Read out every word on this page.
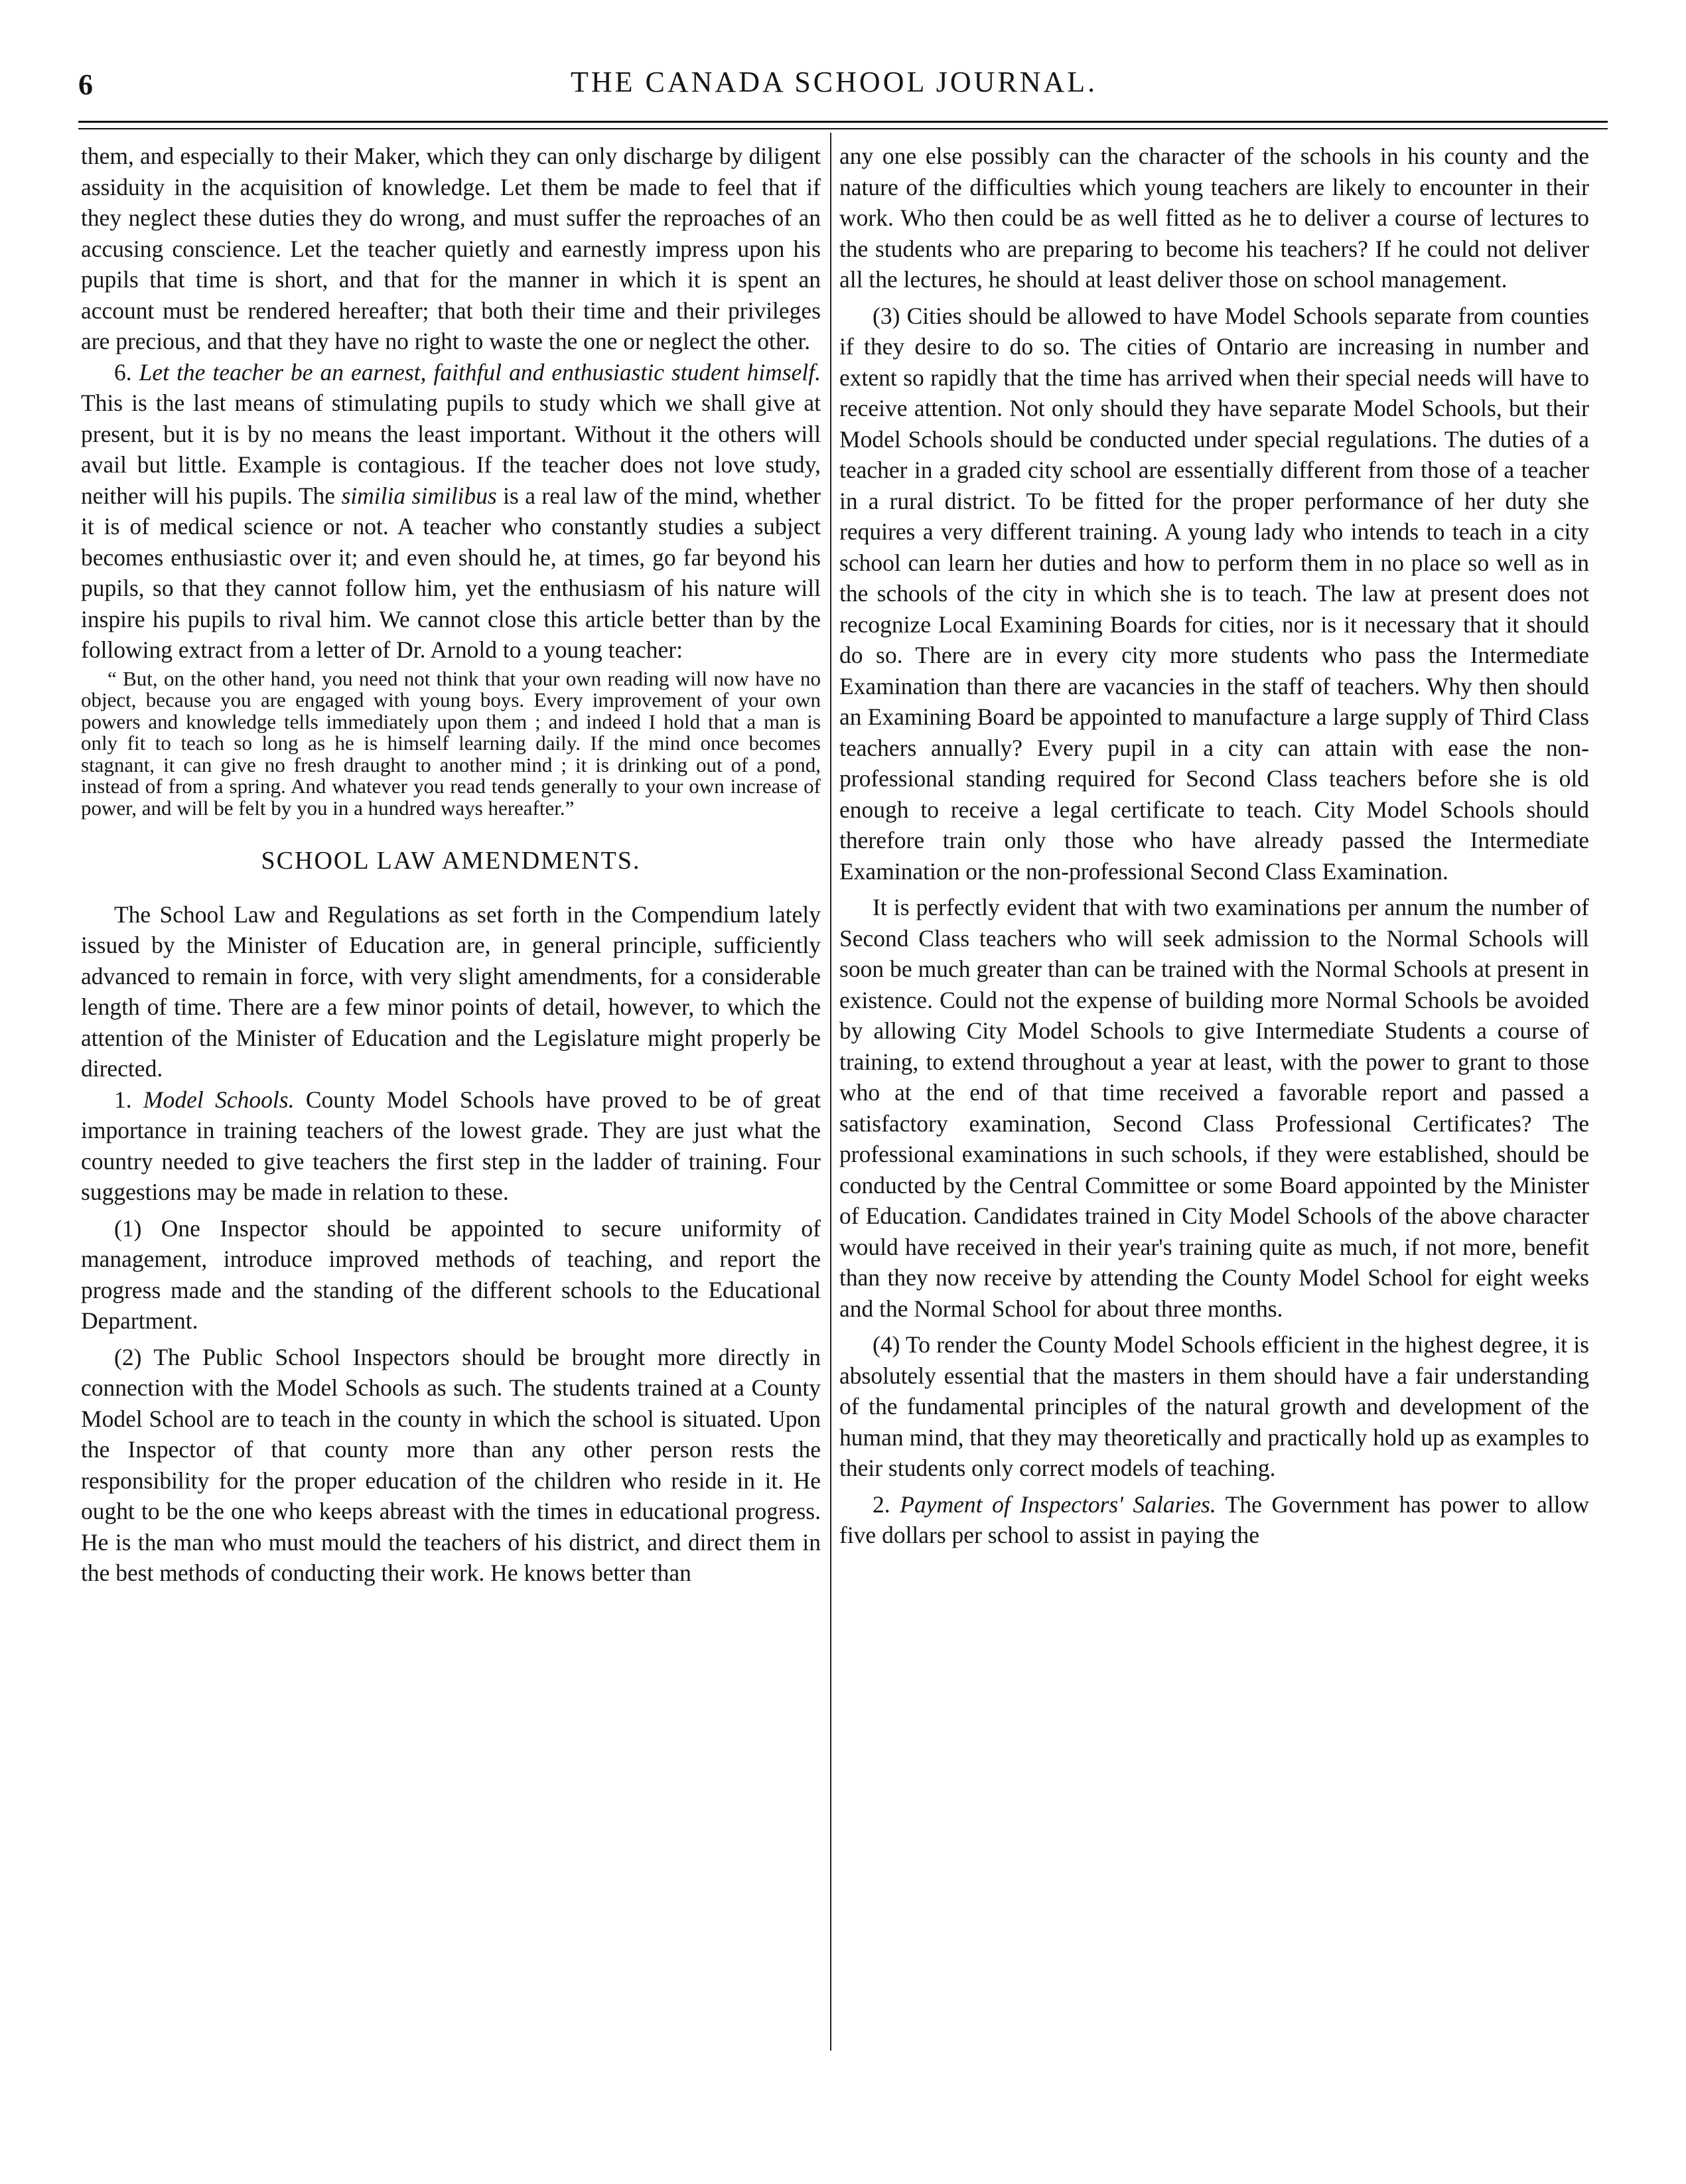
6	THE CANADA SCHOOL JOURNAL.

them, and especially to their Maker, which they can only discharge by diligent assiduity in the acquisition of knowledge. Let them be made to feel that if they neglect these duties they do wrong, and must suffer the reproaches of an accusing conscience. Let the teacher quietly and earnestly impress upon his pupils that time is short, and that for the manner in which it is spent an account must be rendered hereafter; that both their time and their privileges are precious, and that they have no right to waste the one or neglect the other.

6. Let the teacher be an earnest, faithful and enthusiastic student himself. This is the last means of stimulating pupils to study which we shall give at present, but it is by no means the least important. Without it the others will avail but little. Example is contagious. If the teacher does not love study, neither will his pupils. The similia similibus is a real law of the mind, whether it is of medical science or not. A teacher who constantly studies a subject becomes enthusiastic over it; and even should he, at times, go far beyond his pupils, so that they cannot follow him, yet the enthusiasm of his nature will inspire his pupils to rival him. We cannot close this article better than by the following extract from a letter of Dr. Arnold to a young teacher:

“ But, on the other hand, you need not think that your own reading will now have no object, because you are engaged with young boys. Every improvement of your own powers and knowledge tells immediately upon them ; and indeed I hold that a man is only fit to teach so long as he is himself learning daily. If the mind once becomes stagnant, it can give no fresh draught to another mind ; it is drinking out of a pond, instead of from a spring. And whatever you read tends generally to your own increase of power, and will be felt by you in a hundred ways hereafter.”

SCHOOL LAW AMENDMENTS.

The School Law and Regulations as set forth in the Compendium lately issued by the Minister of Education are, in general principle, sufficiently advanced to remain in force, with very slight amendments, for a considerable length of time. There are a few minor points of detail, however, to which the attention of the Minister of Education and the Legislature might properly be directed.

1. Model Schools. County Model Schools have proved to be of great importance in training teachers of the lowest grade. They are just what the country needed to give teachers the first step in the ladder of training. Four suggestions may be made in relation to these.

(1) One Inspector should be appointed to secure uniformity of management, introduce improved methods of teaching, and report the progress made and the standing of the different schools to the Educational Department.

(2) The Public School Inspectors should be brought more directly in connection with the Model Schools as such. The students trained at a County Model School are to teach in the county in which the school is situated. Upon the Inspector of that county more than any other person rests the responsibility for the proper education of the children who reside in it. He ought to be the one who keeps abreast with the times in educational progress. He is the man who must mould the teachers of his district, and direct them in the best methods of conducting their work. He knows better than

any one else possibly can the character of the schools in his county and the nature of the difficulties which young teachers are likely to encounter in their work. Who then could be as well fitted as he to deliver a course of lectures to the students who are preparing to become his teachers? If he could not deliver all the lectures, he should at least deliver those on school management.

(3) Cities should be allowed to have Model Schools separate from counties if they desire to do so. The cities of Ontario are increasing in number and extent so rapidly that the time has arrived when their special needs will have to receive attention. Not only should they have separate Model Schools, but their Model Schools should be conducted under special regulations. The duties of a teacher in a graded city school are essentially different from those of a teacher in a rural district. To be fitted for the proper performance of her duty she requires a very different training. A young lady who intends to teach in a city school can learn her duties and how to perform them in no place so well as in the schools of the city in which she is to teach. The law at present does not recognize Local Examining Boards for cities, nor is it necessary that it should do so. There are in every city more students who pass the Intermediate Examination than there are vacancies in the staff of teachers. Why then should an Examining Board be appointed to manufacture a large supply of Third Class teachers annually? Every pupil in a city can attain with ease the non-professional standing required for Second Class teachers before she is old enough to receive a legal certificate to teach. City Model Schools should therefore train only those who have already passed the Intermediate Examination or the non-professional Second Class Examination.

It is perfectly evident that with two examinations per annum the number of Second Class teachers who will seek admission to the Normal Schools will soon be much greater than can be trained with the Normal Schools at present in existence. Could not the expense of building more Normal Schools be avoided by allowing City Model Schools to give Intermediate Students a course of training, to extend throughout a year at least, with the power to grant to those who at the end of that time received a favorable report and passed a satisfactory examination, Second Class Professional Certificates? The professional examinations in such schools, if they were established, should be conducted by the Central Committee or some Board appointed by the Minister of Education. Candidates trained in City Model Schools of the above character would have received in their year's training quite as much, if not more, benefit than they now receive by attending the County Model School for eight weeks and the Normal School for about three months.

(4) To render the County Model Schools efficient in the highest degree, it is absolutely essential that the masters in them should have a fair understanding of the fundamental principles of the natural growth and development of the human mind, that they may theoretically and practically hold up as examples to their students only correct models of teaching.

2. Payment of Inspectors' Salaries. The Government has power to allow five dollars per school to assist in paying the
